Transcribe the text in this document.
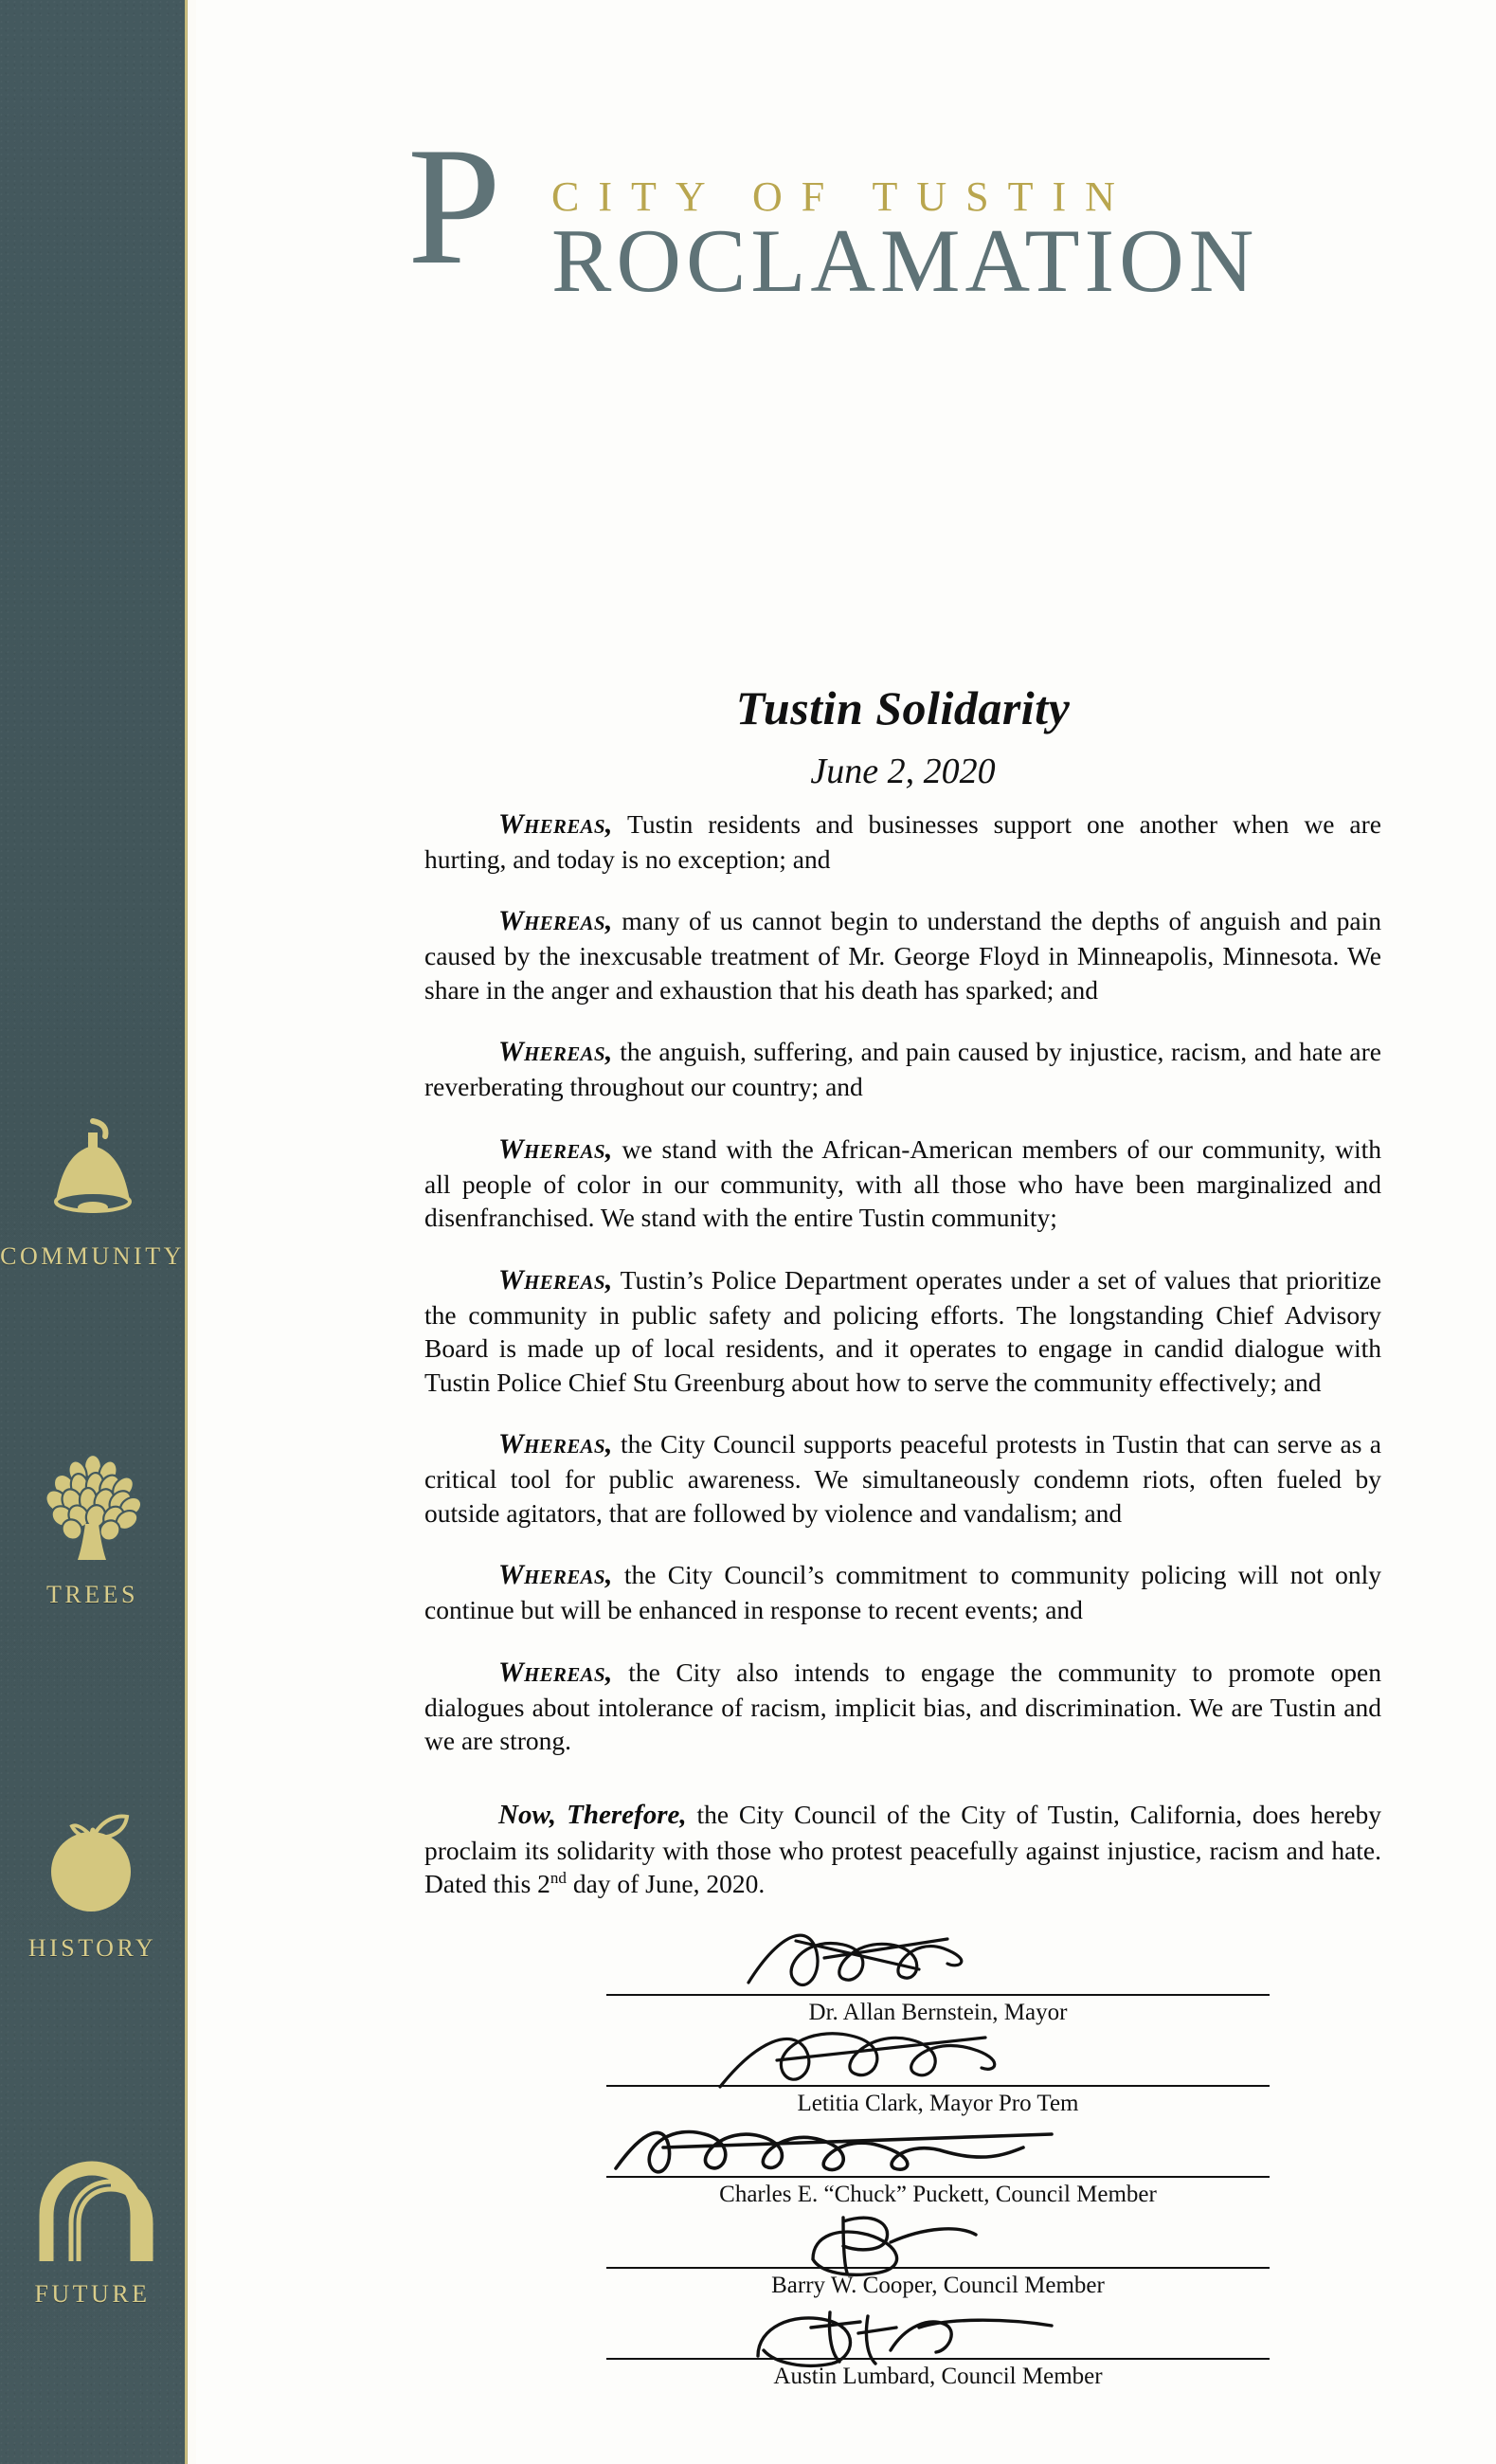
COMMUNITY
TREES
HISTORY
FUTURE
P CITY OF TUSTIN
ROCLAMATION
Tustin Solidarity
June 2, 2020

Whereas, Tustin residents and businesses support one another when we are hurting, and today is no exception; and

Whereas, many of us cannot begin to understand the depths of anguish and pain caused by the inexcusable treatment of Mr. George Floyd in Minneapolis, Minnesota. We share in the anger and exhaustion that his death has sparked; and

Whereas, the anguish, suffering, and pain caused by injustice, racism, and hate are reverberating throughout our country; and

Whereas, we stand with the African-American members of our community, with all people of color in our community, with all those who have been marginalized and disenfranchised. We stand with the entire Tustin community;

Whereas, Tustin’s Police Department operates under a set of values that prioritize the community in public safety and policing efforts. The longstanding Chief Advisory Board is made up of local residents, and it operates to engage in candid dialogue with Tustin Police Chief Stu Greenburg about how to serve the community effectively; and

Whereas, the City Council supports peaceful protests in Tustin that can serve as a critical tool for public awareness. We simultaneously condemn riots, often fueled by outside agitators, that are followed by violence and vandalism; and

Whereas, the City Council’s commitment to community policing will not only continue but will be enhanced in response to recent events; and

Whereas, the City also intends to engage the community to promote open dialogues about intolerance of racism, implicit bias, and discrimination. We are Tustin and we are strong.

Now, Therefore, the City Council of the City of Tustin, California, does hereby proclaim its solidarity with those who protest peacefully against injustice, racism and hate. Dated this 2nd day of June, 2020.

Dr. Allan Bernstein, Mayor
Letitia Clark, Mayor Pro Tem
Charles E. “Chuck” Puckett, Council Member
Barry W. Cooper, Council Member
Austin Lumbard, Council Member
